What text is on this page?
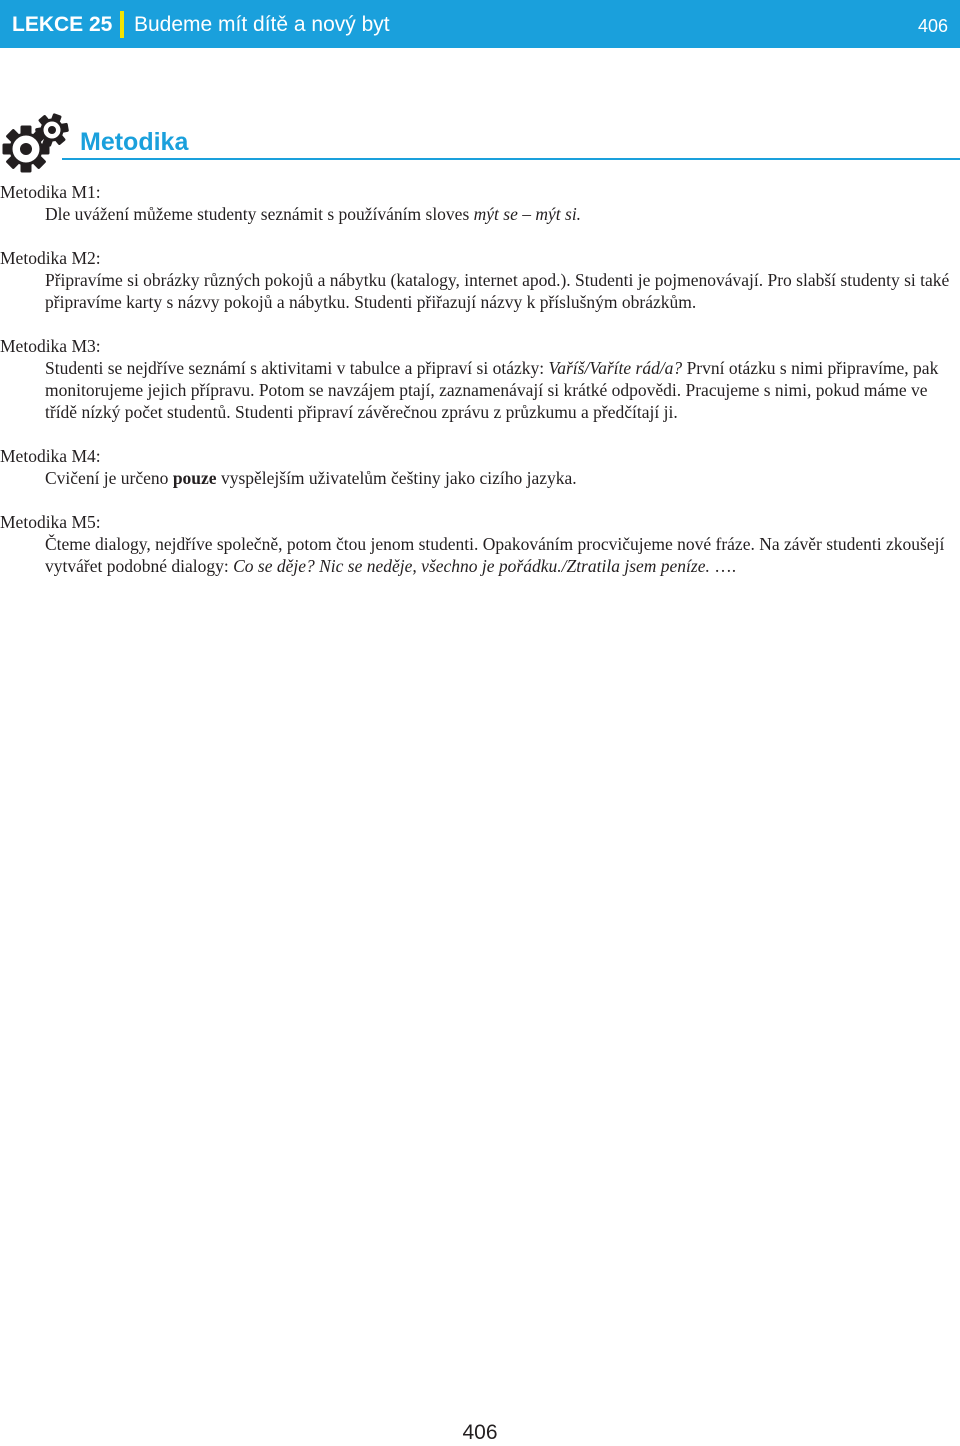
LEKCE 25 Budeme mít dítě a nový byt	406
Metodika

Metodika M1:

Dle uvážení můžeme studenty seznámit s používáním sloves mýt se – mýt si.

Metodika M2:

Připravíme si obrázky různých pokojů a nábytku (katalogy, internet apod.). Studenti je pojmenovávají. Pro slabší studenty si také připravíme karty s názvy pokojů a nábytku. Studenti přiřazují názvy k příslušným obrázkům.

Metodika M3:

Studenti se nejdříve seznámí s aktivitami v tabulce a připraví si otázky: Vaříš/Vaříte rád/a? První otázku s nimi připravíme, pak monitorujeme jejich přípravu. Potom se navzájem ptají, zaznamenávají si krátké odpovědi. Pracujeme s nimi, pokud máme ve třídě nízký počet studentů. Studenti připraví závěrečnou zprávu z průzkumu a předčítají ji.

Metodika M4:

Cvičení je určeno pouze vyspělejším uživatelům češtiny jako cizího jazyka.

Metodika M5:

Čteme dialogy, nejdříve společně, potom čtou jenom studenti. Opakováním procvičujeme nové fráze. Na závěr studenti zkoušejí vytvářet podobné dialogy: Co se děje? Nic se neděje, všechno je pořádku./Ztratila jsem peníze. ….

406
